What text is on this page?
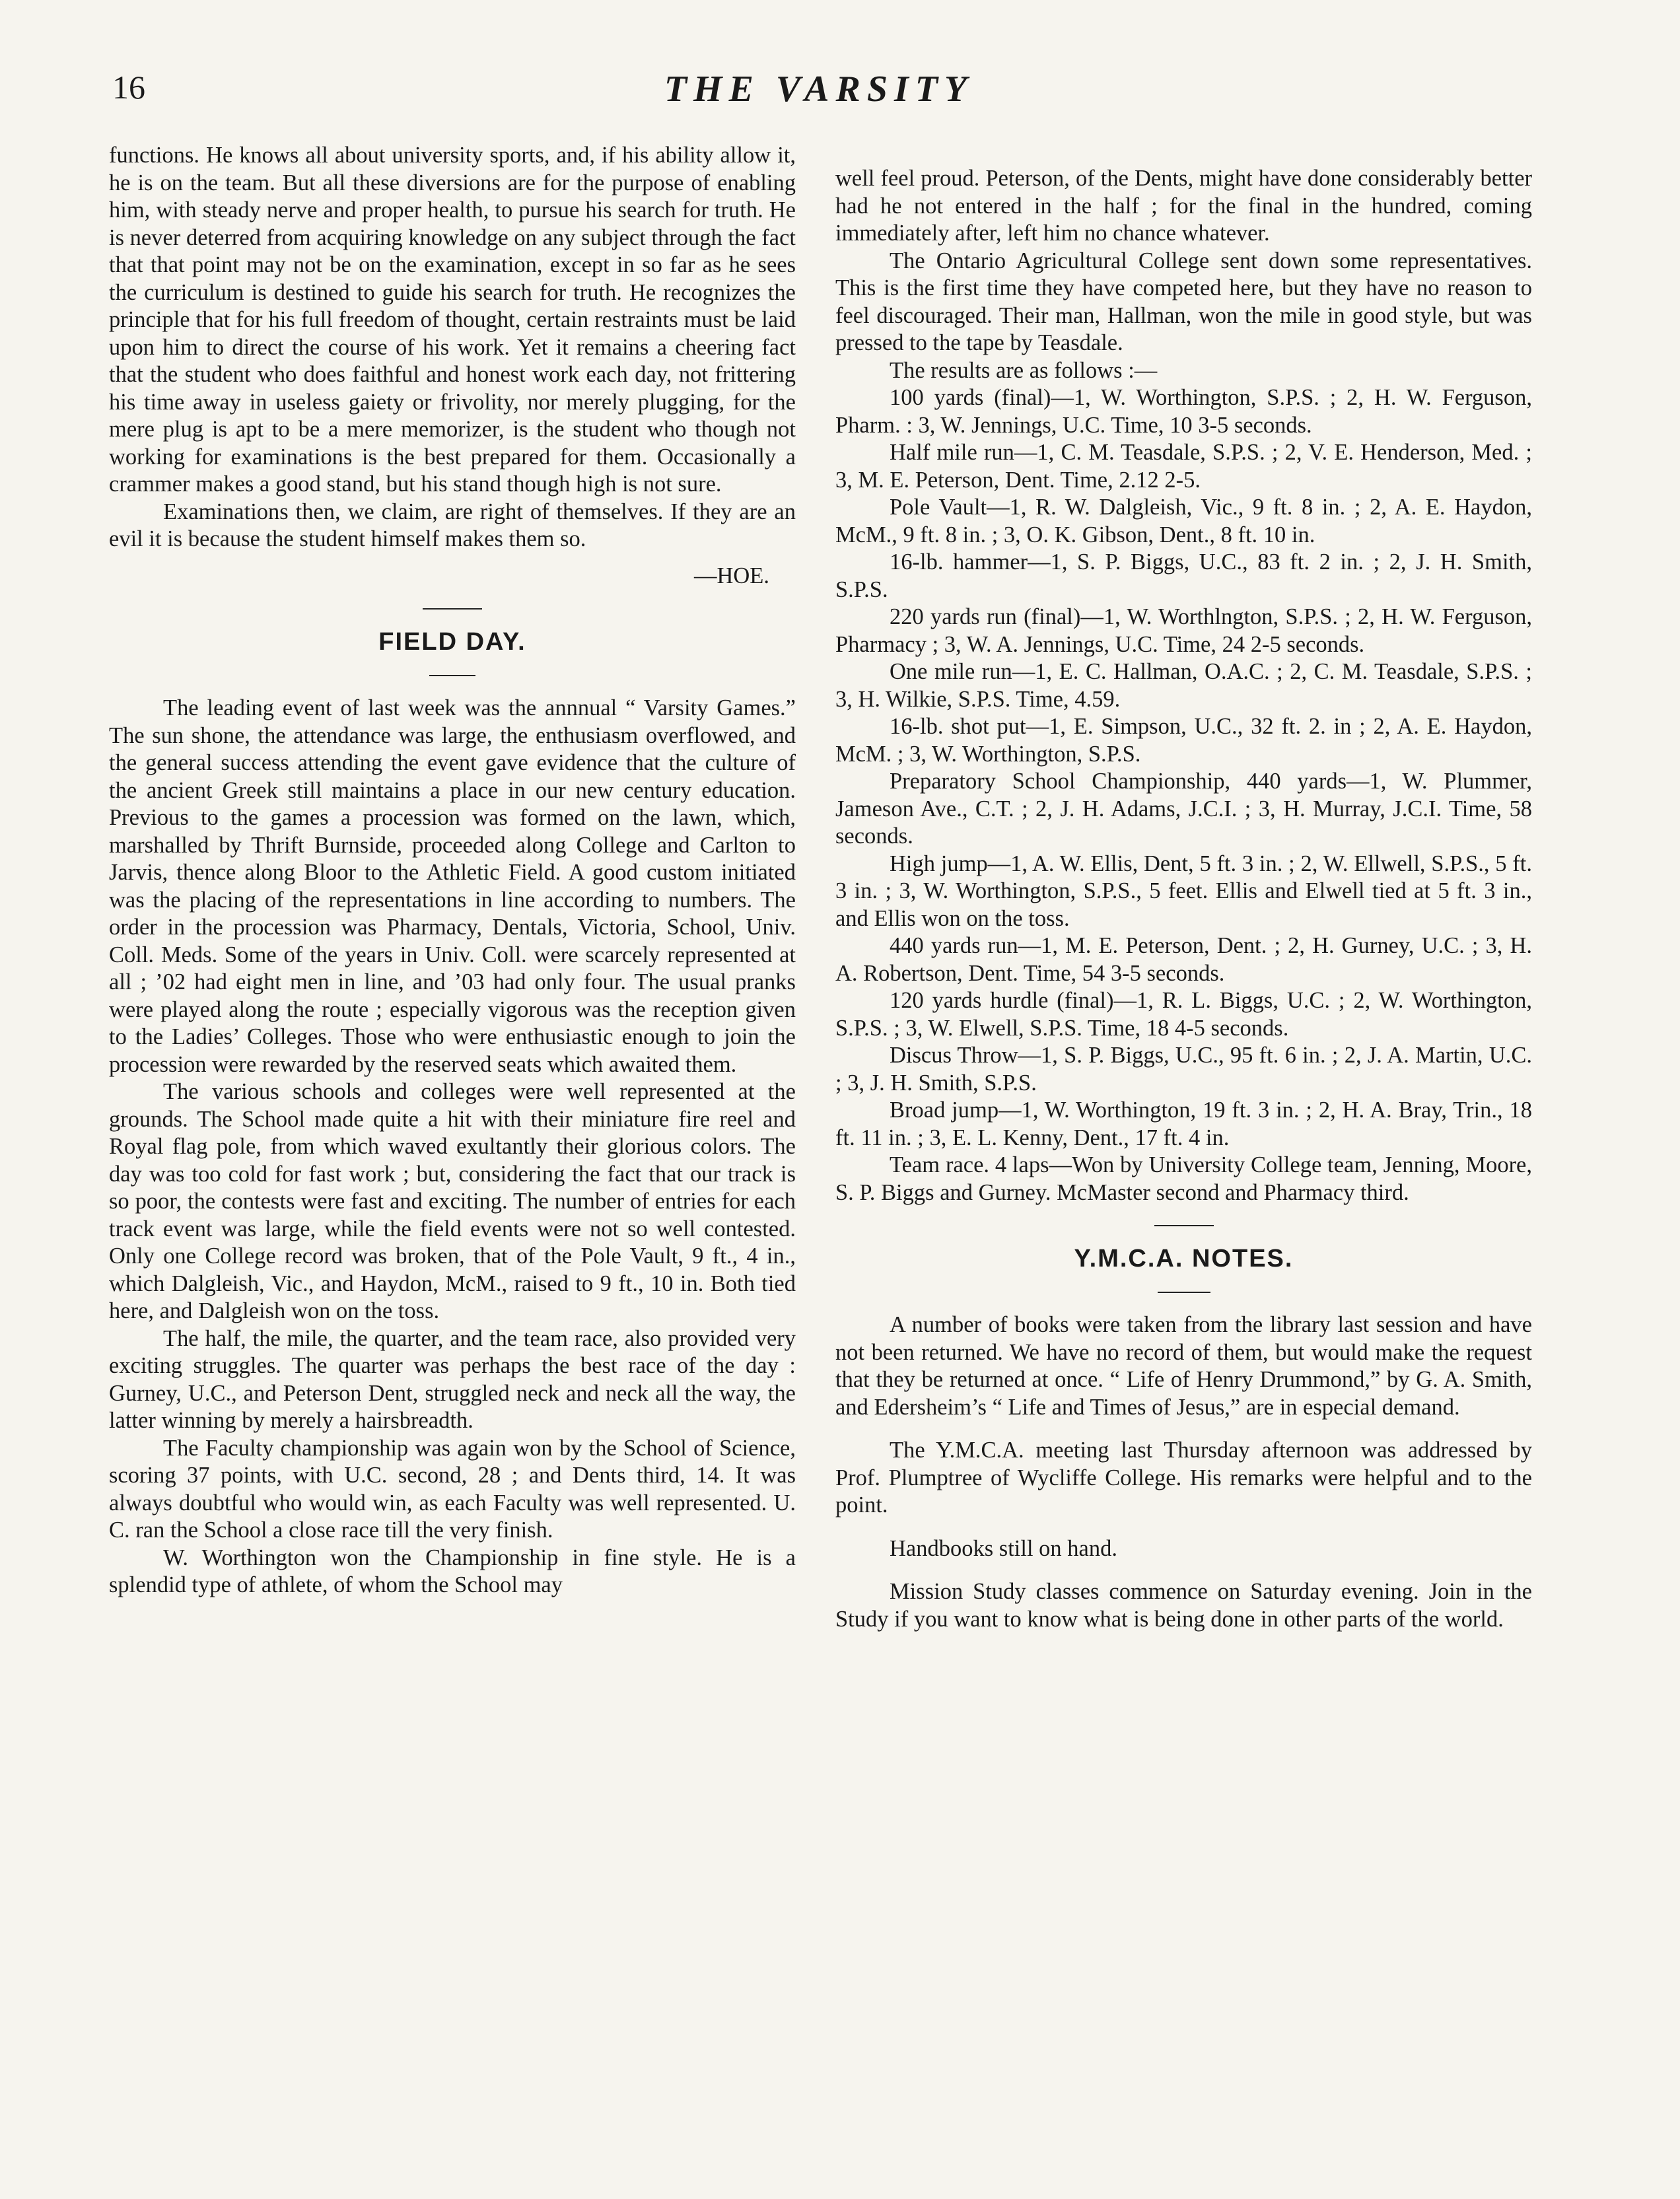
16	THE VARSITY

functions. He knows all about university sports, and, if his ability allow it, he is on the team. But all these diversions are for the purpose of enabling him, with steady nerve and proper health, to pursue his search for truth. He is never deterred from acquiring knowledge on any subject through the fact that that point may not be on the examination, except in so far as he sees the curriculum is destined to guide his search for truth. He recognizes the principle that for his full freedom of thought, certain restraints must be laid upon him to direct the course of his work. Yet it remains a cheering fact that the student who does faithful and honest work each day, not frittering his time away in useless gaiety or frivolity, nor merely plugging, for the mere plug is apt to be a mere memorizer, is the student who though not working for examinations is the best prepared for them. Occasionally a crammer makes a good stand, but his stand though high is not sure.

Examinations then, we claim, are right of themselves. If they are an evil it is because the student himself makes them so.

—HOE.

FIELD DAY.

The leading event of last week was the annnual “ Varsity Games.” The sun shone, the attendance was large, the enthusiasm overflowed, and the general success attending the event gave evidence that the culture of the ancient Greek still maintains a place in our new century education. Previous to the games a procession was formed on the lawn, which, marshalled by Thrift Burnside, proceeded along College and Carlton to Jarvis, thence along Bloor to the Athletic Field. A good custom initiated was the placing of the representations in line according to numbers. The order in the procession was Pharmacy, Dentals, Victoria, School, Univ. Coll. Meds. Some of the years in Univ. Coll. were scarcely represented at all ; ’02 had eight men in line, and ’03 had only four. The usual pranks were played along the route ; especially vigorous was the reception given to the Ladies’ Colleges. Those who were enthusiastic enough to join the procession were rewarded by the reserved seats which awaited them.

The various schools and colleges were well represented at the grounds. The School made quite a hit with their miniature fire reel and Royal flag pole, from which waved exultantly their glorious colors. The day was too cold for fast work ; but, considering the fact that our track is so poor, the contests were fast and exciting. The number of entries for each track event was large, while the field events were not so well contested. Only one College record was broken, that of the Pole Vault, 9 ft., 4 in., which Dalgleish, Vic., and Haydon, McM., raised to 9 ft., 10 in. Both tied here, and Dalgleish won on the toss.

The half, the mile, the quarter, and the team race, also provided very exciting struggles. The quarter was perhaps the best race of the day : Gurney, U.C., and Peterson Dent, struggled neck and neck all the way, the latter winning by merely a hairsbreadth.

The Faculty championship was again won by the School of Science, scoring 37 points, with U.C. second, 28 ; and Dents third, 14. It was always doubtful who would win, as each Faculty was well represented. U. C. ran the School a close race till the very finish.

W. Worthington won the Championship in fine style. He is a splendid type of athlete, of whom the School may

well feel proud. Peterson, of the Dents, might have done considerably better had he not entered in the half ; for the final in the hundred, coming immediately after, left him no chance whatever.

The Ontario Agricultural College sent down some representatives. This is the first time they have competed here, but they have no reason to feel discouraged. Their man, Hallman, won the mile in good style, but was pressed to the tape by Teasdale.

The results are as follows :—

100 yards (final)—1, W. Worthington, S.P.S. ; 2, H. W. Ferguson, Pharm. : 3, W. Jennings, U.C. Time, 10 3-5 seconds.

Half mile run—1, C. M. Teasdale, S.P.S. ; 2, V. E. Henderson, Med. ; 3, M. E. Peterson, Dent. Time, 2.12 2-5.

Pole Vault—1, R. W. Dalgleish, Vic., 9 ft. 8 in. ; 2, A. E. Haydon, McM., 9 ft. 8 in. ; 3, O. K. Gibson, Dent., 8 ft. 10 in.

16-lb. hammer—1, S. P. Biggs, U.C., 83 ft. 2 in. ; 2, J. H. Smith, S.P.S.

220 yards run (final)—1, W. Worthlngton, S.P.S. ; 2, H. W. Ferguson, Pharmacy ; 3, W. A. Jennings, U.C. Time, 24 2-5 seconds.

One mile run—1, E. C. Hallman, O.A.C. ; 2, C. M. Teasdale, S.P.S. ; 3, H. Wilkie, S.P.S. Time, 4.59.

16-lb. shot put—1, E. Simpson, U.C., 32 ft. 2. in ; 2, A. E. Haydon, McM. ; 3, W. Worthington, S.P.S.

Preparatory School Championship, 440 yards—1, W. Plummer, Jameson Ave., C.T. ; 2, J. H. Adams, J.C.I. ; 3, H. Murray, J.C.I. Time, 58 seconds.

High jump—1, A. W. Ellis, Dent, 5 ft. 3 in. ; 2, W. Ellwell, S.P.S., 5 ft. 3 in. ; 3, W. Worthington, S.P.S., 5 feet. Ellis and Elwell tied at 5 ft. 3 in., and Ellis won on the toss.

440 yards run—1, M. E. Peterson, Dent. ; 2, H. Gurney, U.C. ; 3, H. A. Robertson, Dent. Time, 54 3-5 seconds.

120 yards hurdle (final)—1, R. L. Biggs, U.C. ; 2, W. Worthington, S.P.S. ; 3, W. Elwell, S.P.S. Time, 18 4-5 seconds.

Discus Throw—1, S. P. Biggs, U.C., 95 ft. 6 in. ; 2, J. A. Martin, U.C. ; 3, J. H. Smith, S.P.S.

Broad jump—1, W. Worthington, 19 ft. 3 in. ; 2, H. A. Bray, Trin., 18 ft. 11 in. ; 3, E. L. Kenny, Dent., 17 ft. 4 in.

Team race. 4 laps—Won by University College team, Jenning, Moore, S. P. Biggs and Gurney. McMaster second and Pharmacy third.

Y.M.C.A. NOTES.

A number of books were taken from the library last session and have not been returned. We have no record of them, but would make the request that they be returned at once. “ Life of Henry Drummond,” by G. A. Smith, and Edersheim’s “ Life and Times of Jesus,” are in especial demand.

The Y.M.C.A. meeting last Thursday afternoon was addressed by Prof. Plumptree of Wycliffe College. His remarks were helpful and to the point.

Handbooks still on hand.

Mission Study classes commence on Saturday evening. Join in the Study if you want to know what is being done in other parts of the world.
